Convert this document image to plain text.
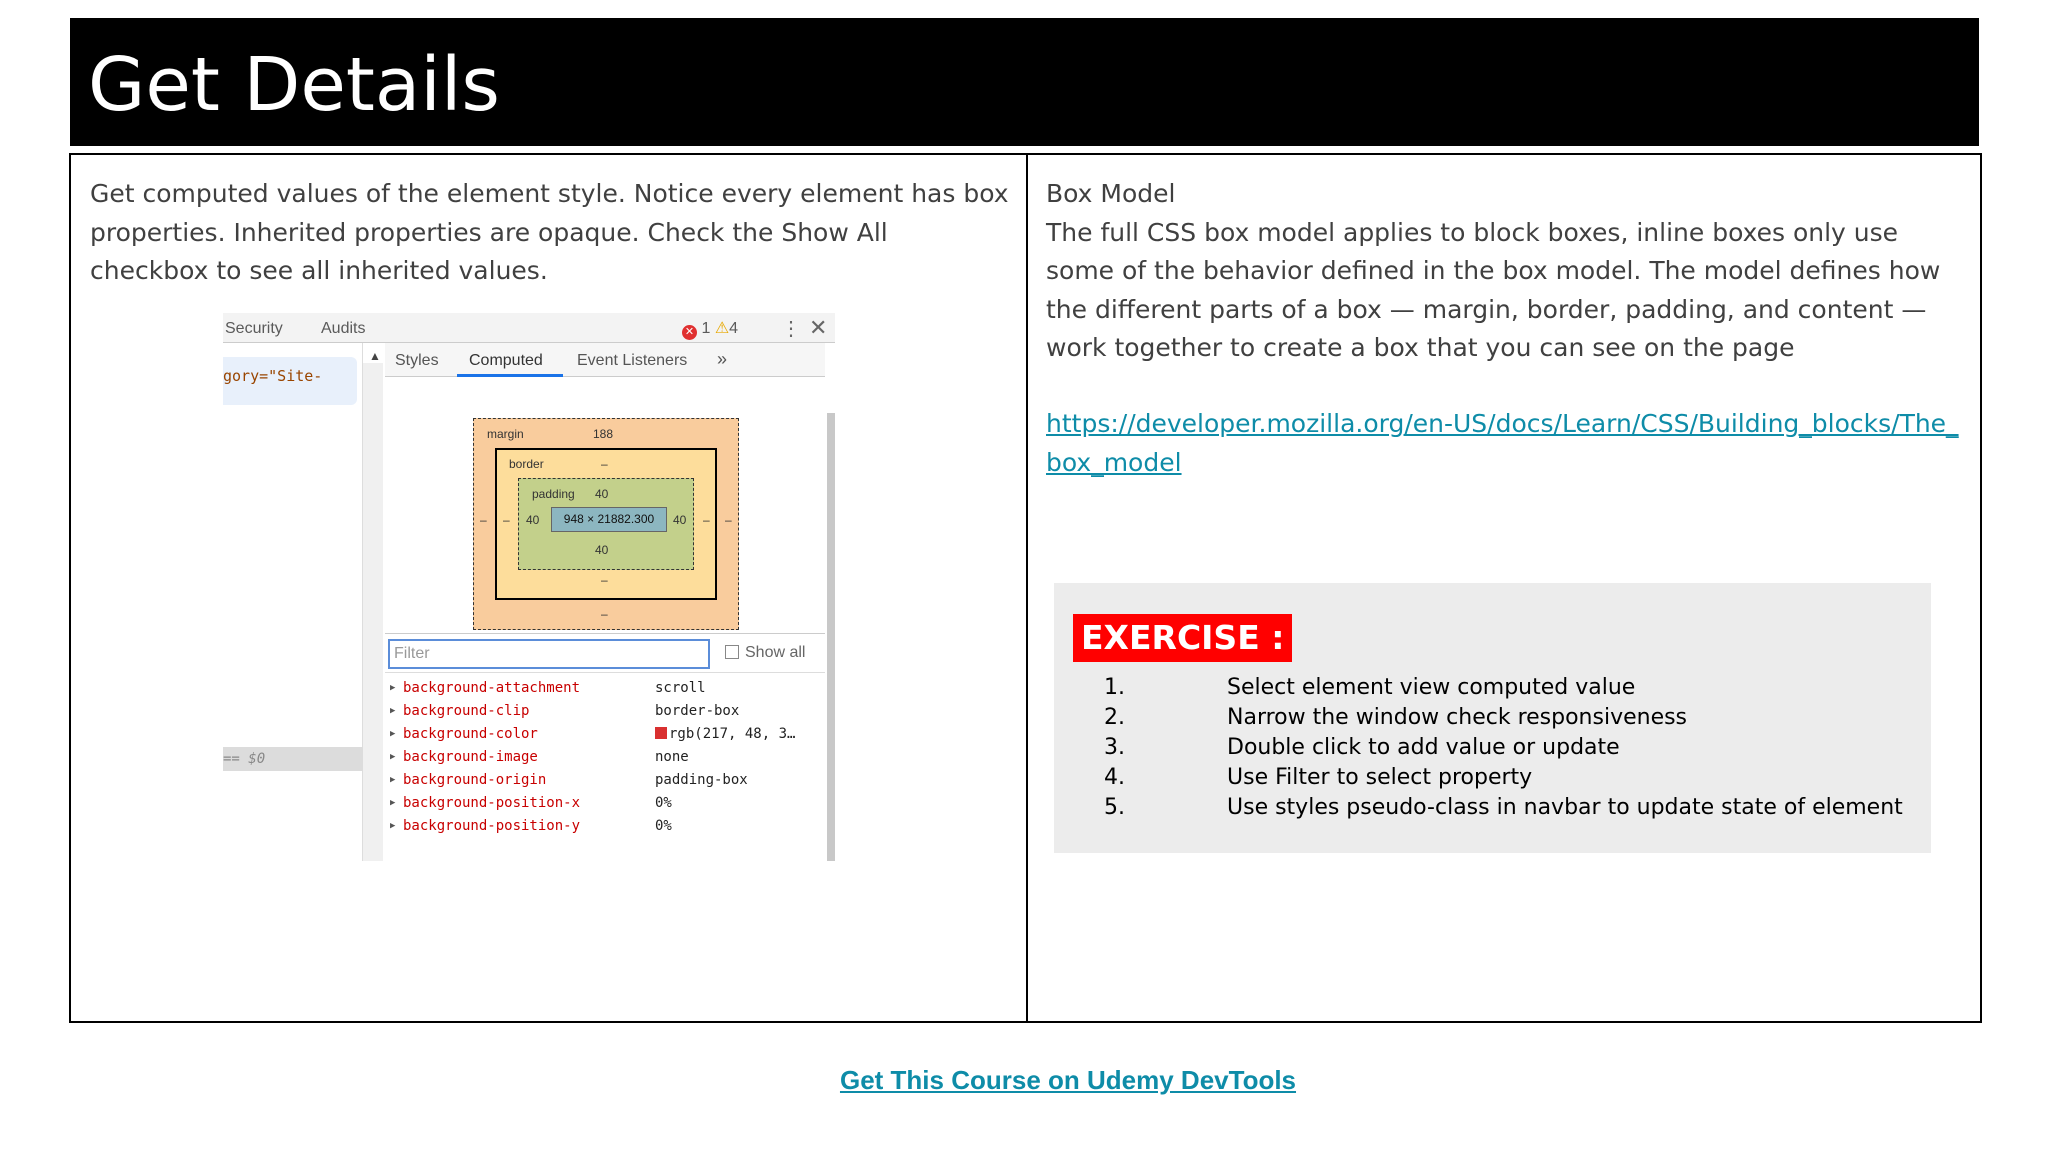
Get Details

Get computed values of the element style. Notice every element has box properties. Inherited properties are opaque. Check the Show All checkbox to see all inherited values.

Security Audits	✕ 1 ⚠4 ⋮ ✕
gory="Site-
== $0
▲ Styles Computed Event Listeners »
948 × 21882.300
margin	188
border	–
padding 40
40	40
40
–	–
–
–	–
–
Filter	Show all
▶ background-attachment	scroll
▶ background-clip	border-box
▶ background-color	rgb(217, 48, 3…
▶ background-image	none
▶ background-origin	padding-box
▶ background-position-x	0%
▶ background-position-y	0%
Box Model
The full CSS box model applies to block boxes, inline boxes only use some of the behavior defined in the box model. The model defines how the different parts of a box — margin, border, padding, and content — work together to create a box that you can see on the page
https://developer.mozilla.org/en-US/docs/Learn/CSS/Building_blocks/The_box_model
EXERCISE :
1.	Select element view computed value
2.	Narrow the window check responsiveness
3.	Double click to add value or update
4.	Use Filter to select property
5.	Use styles pseudo-class in navbar to update state of element
Get This Course on Udemy DevTools
